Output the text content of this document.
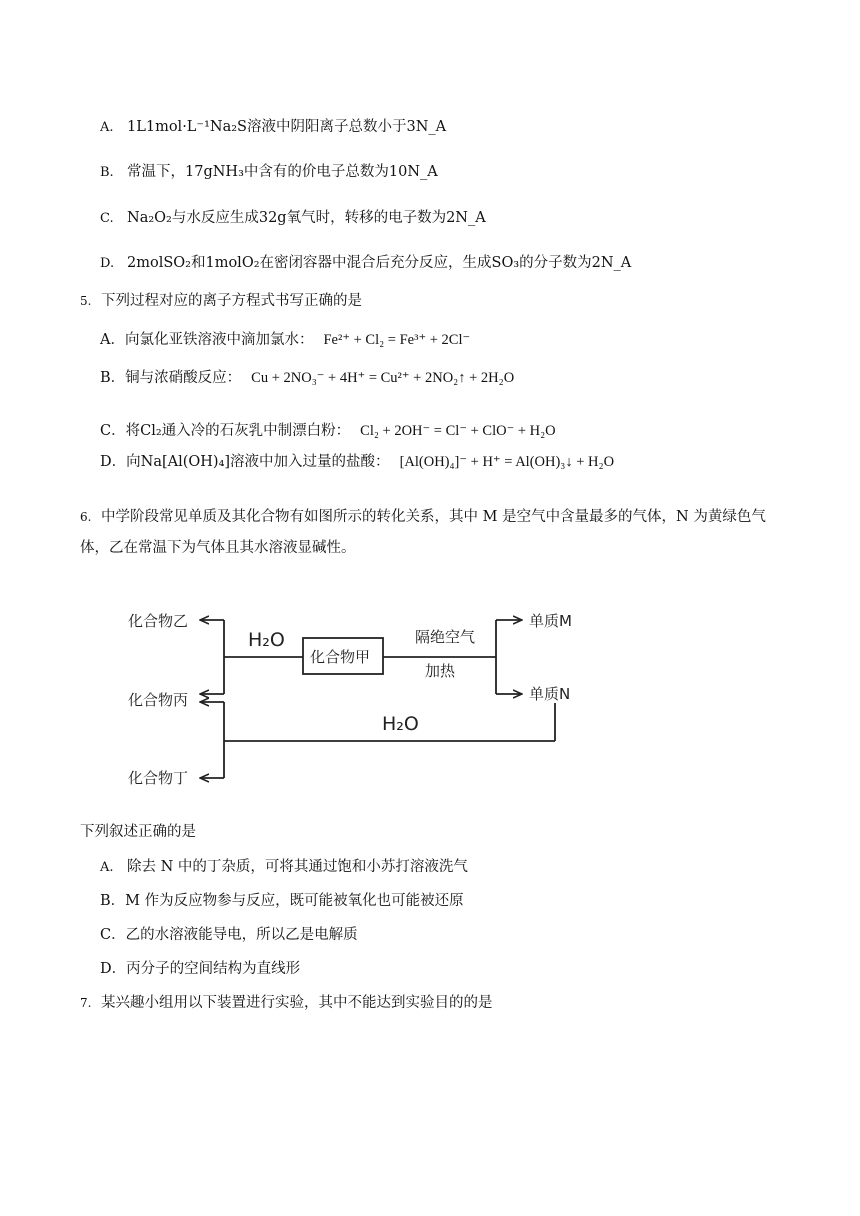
A. 1L1mol·L⁻¹Na₂S溶液中阴阳离子总数小于3N_A
B. 常温下，17gNH₃中含有的价电子总数为10N_A
C. Na₂O₂与水反应生成32g氧气时，转移的电子数为2N_A
D. 2molSO₂和1molO₂在密闭容器中混合后充分反应，生成SO₃的分子数为2N_A
5. 下列过程对应的离子方程式书写正确的是
A．向氯化亚铁溶液中滴加氯水： Fe²⁺ + Cl₂ = Fe³⁺ + 2Cl⁻
B．铜与浓硝酸反应： Cu + 2NO₃⁻ + 4H⁺ = Cu²⁺ + 2NO₂↑ + 2H₂O
C．将Cl₂通入冷的石灰乳中制漂白粉： Cl₂ + 2OH⁻ = Cl⁻ + ClO⁻ + H₂O
D．向Na[Al(OH)₄]溶液中加入过量的盐酸： [Al(OH)₄]⁻ + H⁺ = Al(OH)₃↓ + H₂O
6. 中学阶段常见单质及其化合物有如图所示的转化关系，其中 M 是空气中含量最多的气体，N 为黄绿色气
体，乙在常温下为气体且其水溶液显碱性。
化合物乙
化合物丙
化合物丁
化合物甲
单质M
单质N
隔绝空气
加热
H₂O
H₂O
下列叙述正确的是
A. 除去 N 中的丁杂质，可将其通过饱和小苏打溶液洗气
B．M 作为反应物参与反应，既可能被氧化也可能被还原
C．乙的水溶液能导电，所以乙是电解质
D．丙分子的空间结构为直线形
7. 某兴趣小组用以下装置进行实验，其中不能达到实验目的的是
